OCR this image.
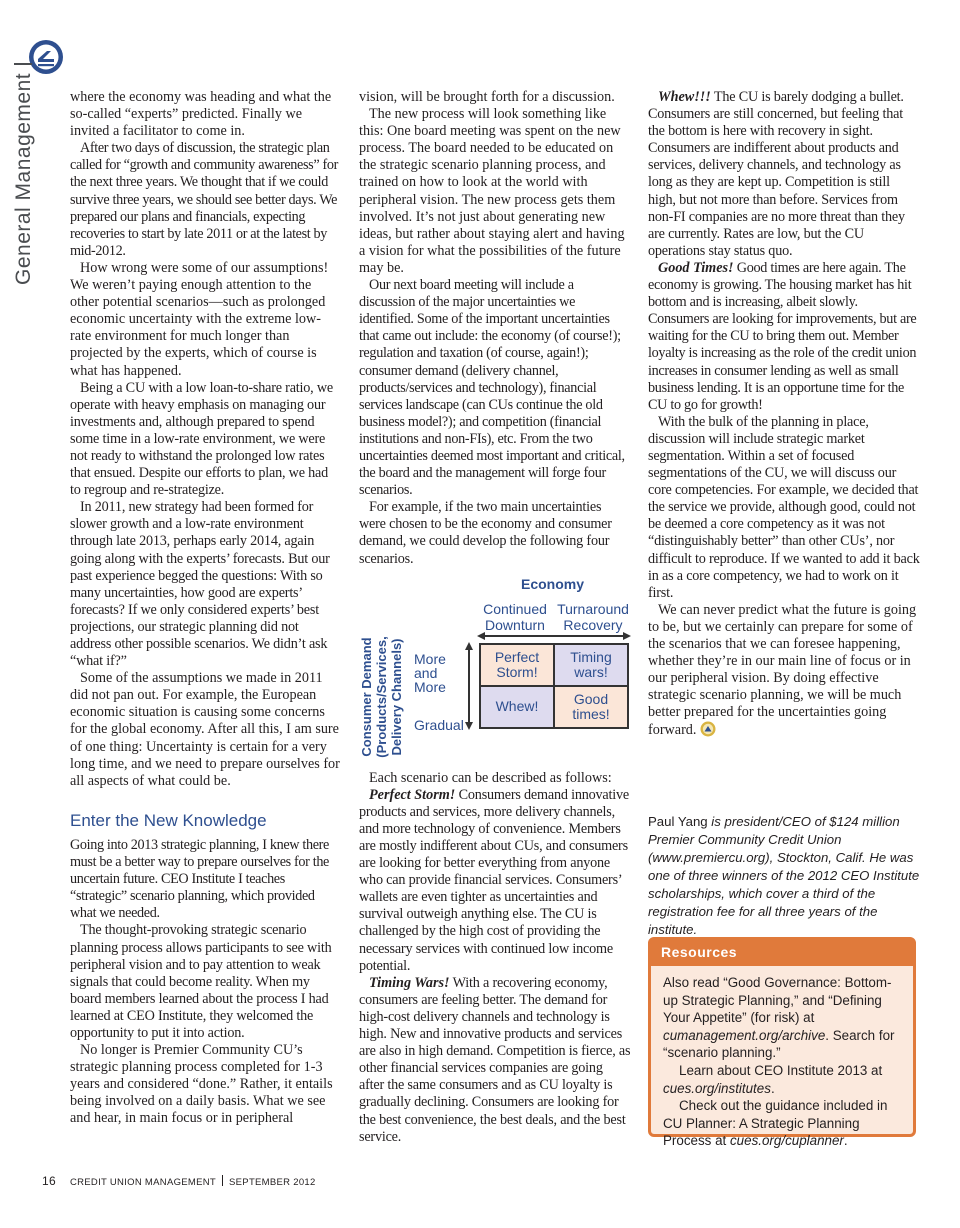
General Management	where the economy was heading and what the so-called “experts” predicted. Finally we invited a facilitator to come in.

After two days of discussion, the strategic plan called for “growth and community awareness” for the next three years. We thought that if we could survive three years, we should see better days. We prepared our plans and financials, expecting recoveries to start by late 2011 or at the latest by mid-2012.

How wrong were some of our assumptions! We weren’t paying enough attention to the other potential scenarios—such as prolonged economic uncertainty with the extreme low-rate environment for much longer than projected by the experts, which of course is what has happened.

Being a CU with a low loan-to-share ratio, we operate with heavy emphasis on managing our investments and, although prepared to spend some time in a low-rate environment, we were not ready to withstand the prolonged low rates that ensued. Despite our efforts to plan, we had to regroup and re-strategize.

In 2011, new strategy had been formed for slower growth and a low-rate environment through late 2013, perhaps early 2014, again going along with the experts’ forecasts. But our past experience begged the questions: With so many uncertainties, how good are experts’ forecasts? If we only considered experts’ best projections, our strategic planning did not address other possible scenarios. We didn’t ask “what if?”

Some of the assumptions we made in 2011 did not pan out. For example, the European economic situation is causing some concerns for the global economy. After all this, I am sure of one thing: Uncertainty is certain for a very long time, and we need to prepare ourselves for all aspects of what could be.

Enter the New Knowledge

Going into 2013 strategic planning, I knew there must be a better way to prepare ourselves for the uncertain future. CEO Institute I teaches “strategic” scenario planning, which provided what we needed.

The thought-provoking strategic scenario planning process allows participants to see with peripheral vision and to pay attention to weak signals that could become reality. When my board members learned about the process I had learned at CEO Institute, they welcomed the opportunity to put it into action.

No longer is Premier Community CU’s strategic planning process completed for 1-3 years and considered “done.” Rather, it entails being involved on a daily basis. What we see and hear, in main focus or in peripheral

vision, will be brought forth for a discussion.

The new process will look something like this: One board meeting was spent on the new process. The board needed to be educated on the strategic scenario planning process, and trained on how to look at the world with peripheral vision. The new process gets them involved. It’s not just about generating new ideas, but rather about staying alert and having a vision for what the possibilities of the future may be.

Our next board meeting will include a discussion of the major uncertainties we identified. Some of the important uncertainties that came out include: the economy (of course!); regulation and taxation (of course, again!); consumer demand (delivery channel, products/services and technology), financial services landscape (can CUs continue the old business model?); and competition (financial institutions and non-FIs), etc. From the two uncertainties deemed most important and critical, the board and the management will forge four scenarios.

For example, if the two main uncertainties were chosen to be the economy and consumer demand, we could develop the following four scenarios.

Economy
Continued Downturn
Turnaround Recovery
Consumer Demand (Products/Services, Delivery Channels) More and More
Gradual
Perfect Storm!
Timing wars!
Whew!	Good times!

Each scenario can be described as follows:

Perfect Storm! Consumers demand innovative products and services, more delivery channels, and more technology of convenience. Members are mostly indifferent about CUs, and consumers are looking for better everything from anyone who can provide financial services. Consumers’ wallets are even tighter as uncertainties and survival outweigh anything else. The CU is challenged by the high cost of providing the necessary services with continued low income potential.

Timing Wars! With a recovering economy, consumers are feeling better. The demand for high-cost delivery channels and technology is high. New and innovative products and services are also in high demand. Competition is fierce, as other financial services companies are going after the same consumers and as CU loyalty is gradually declining. Consumers are looking for the best convenience, the best deals, and the best service.

Whew!!! The CU is barely dodging a bullet. Consumers are still concerned, but feeling that the bottom is here with recovery in sight. Consumers are indifferent about products and services, delivery channels, and technology as long as they are kept up. Competition is still high, but not more than before. Services from non-FI companies are no more threat than they are currently. Rates are low, but the CU operations stay status quo.

Good Times! Good times are here again. The economy is growing. The housing market has hit bottom and is increasing, albeit slowly. Consumers are looking for improvements, but are waiting for the CU to bring them out. Member loyalty is increasing as the role of the credit union increases in consumer lending as well as small business lending. It is an opportune time for the CU to go for growth!

With the bulk of the planning in place, discussion will include strategic market segmentation. Within a set of focused segmentations of the CU, we will discuss our core competencies. For example, we decided that the service we provide, although good, could not be deemed a core competency as it was not “distinguishably better” than other CUs’, nor difficult to reproduce. If we wanted to add it back in as a core competency, we had to work on it first.

We can never predict what the future is going to be, but we certainly can prepare for some of the scenarios that we can foresee happening, whether they’re in our main line of focus or in our peripheral vision. By doing effective strategic scenario planning, we will be much better prepared for the uncertainties going forward.

Paul Yang is president/CEO of $124 million Premier Community Credit Union (www.premiercu.org), Stockton, Calif. He was one of three winners of the 2012 CEO Institute scholarships, which cover a third of the registration fee for all three years of the institute.
Resources

Also read “Good Governance: Bottom-up Strategic Planning,” and “Defining Your Appetite” (for risk) at cumanagement.org/archive. Search for “scenario planning.”

Learn about CEO Institute 2013 at cues.org/institutes.

Check out the guidance included in CU Planner: A Strategic Planning Process at cues.org/cuplanner.

16 CREDIT UNION MANAGEMENT SEPTEMBER 2012
